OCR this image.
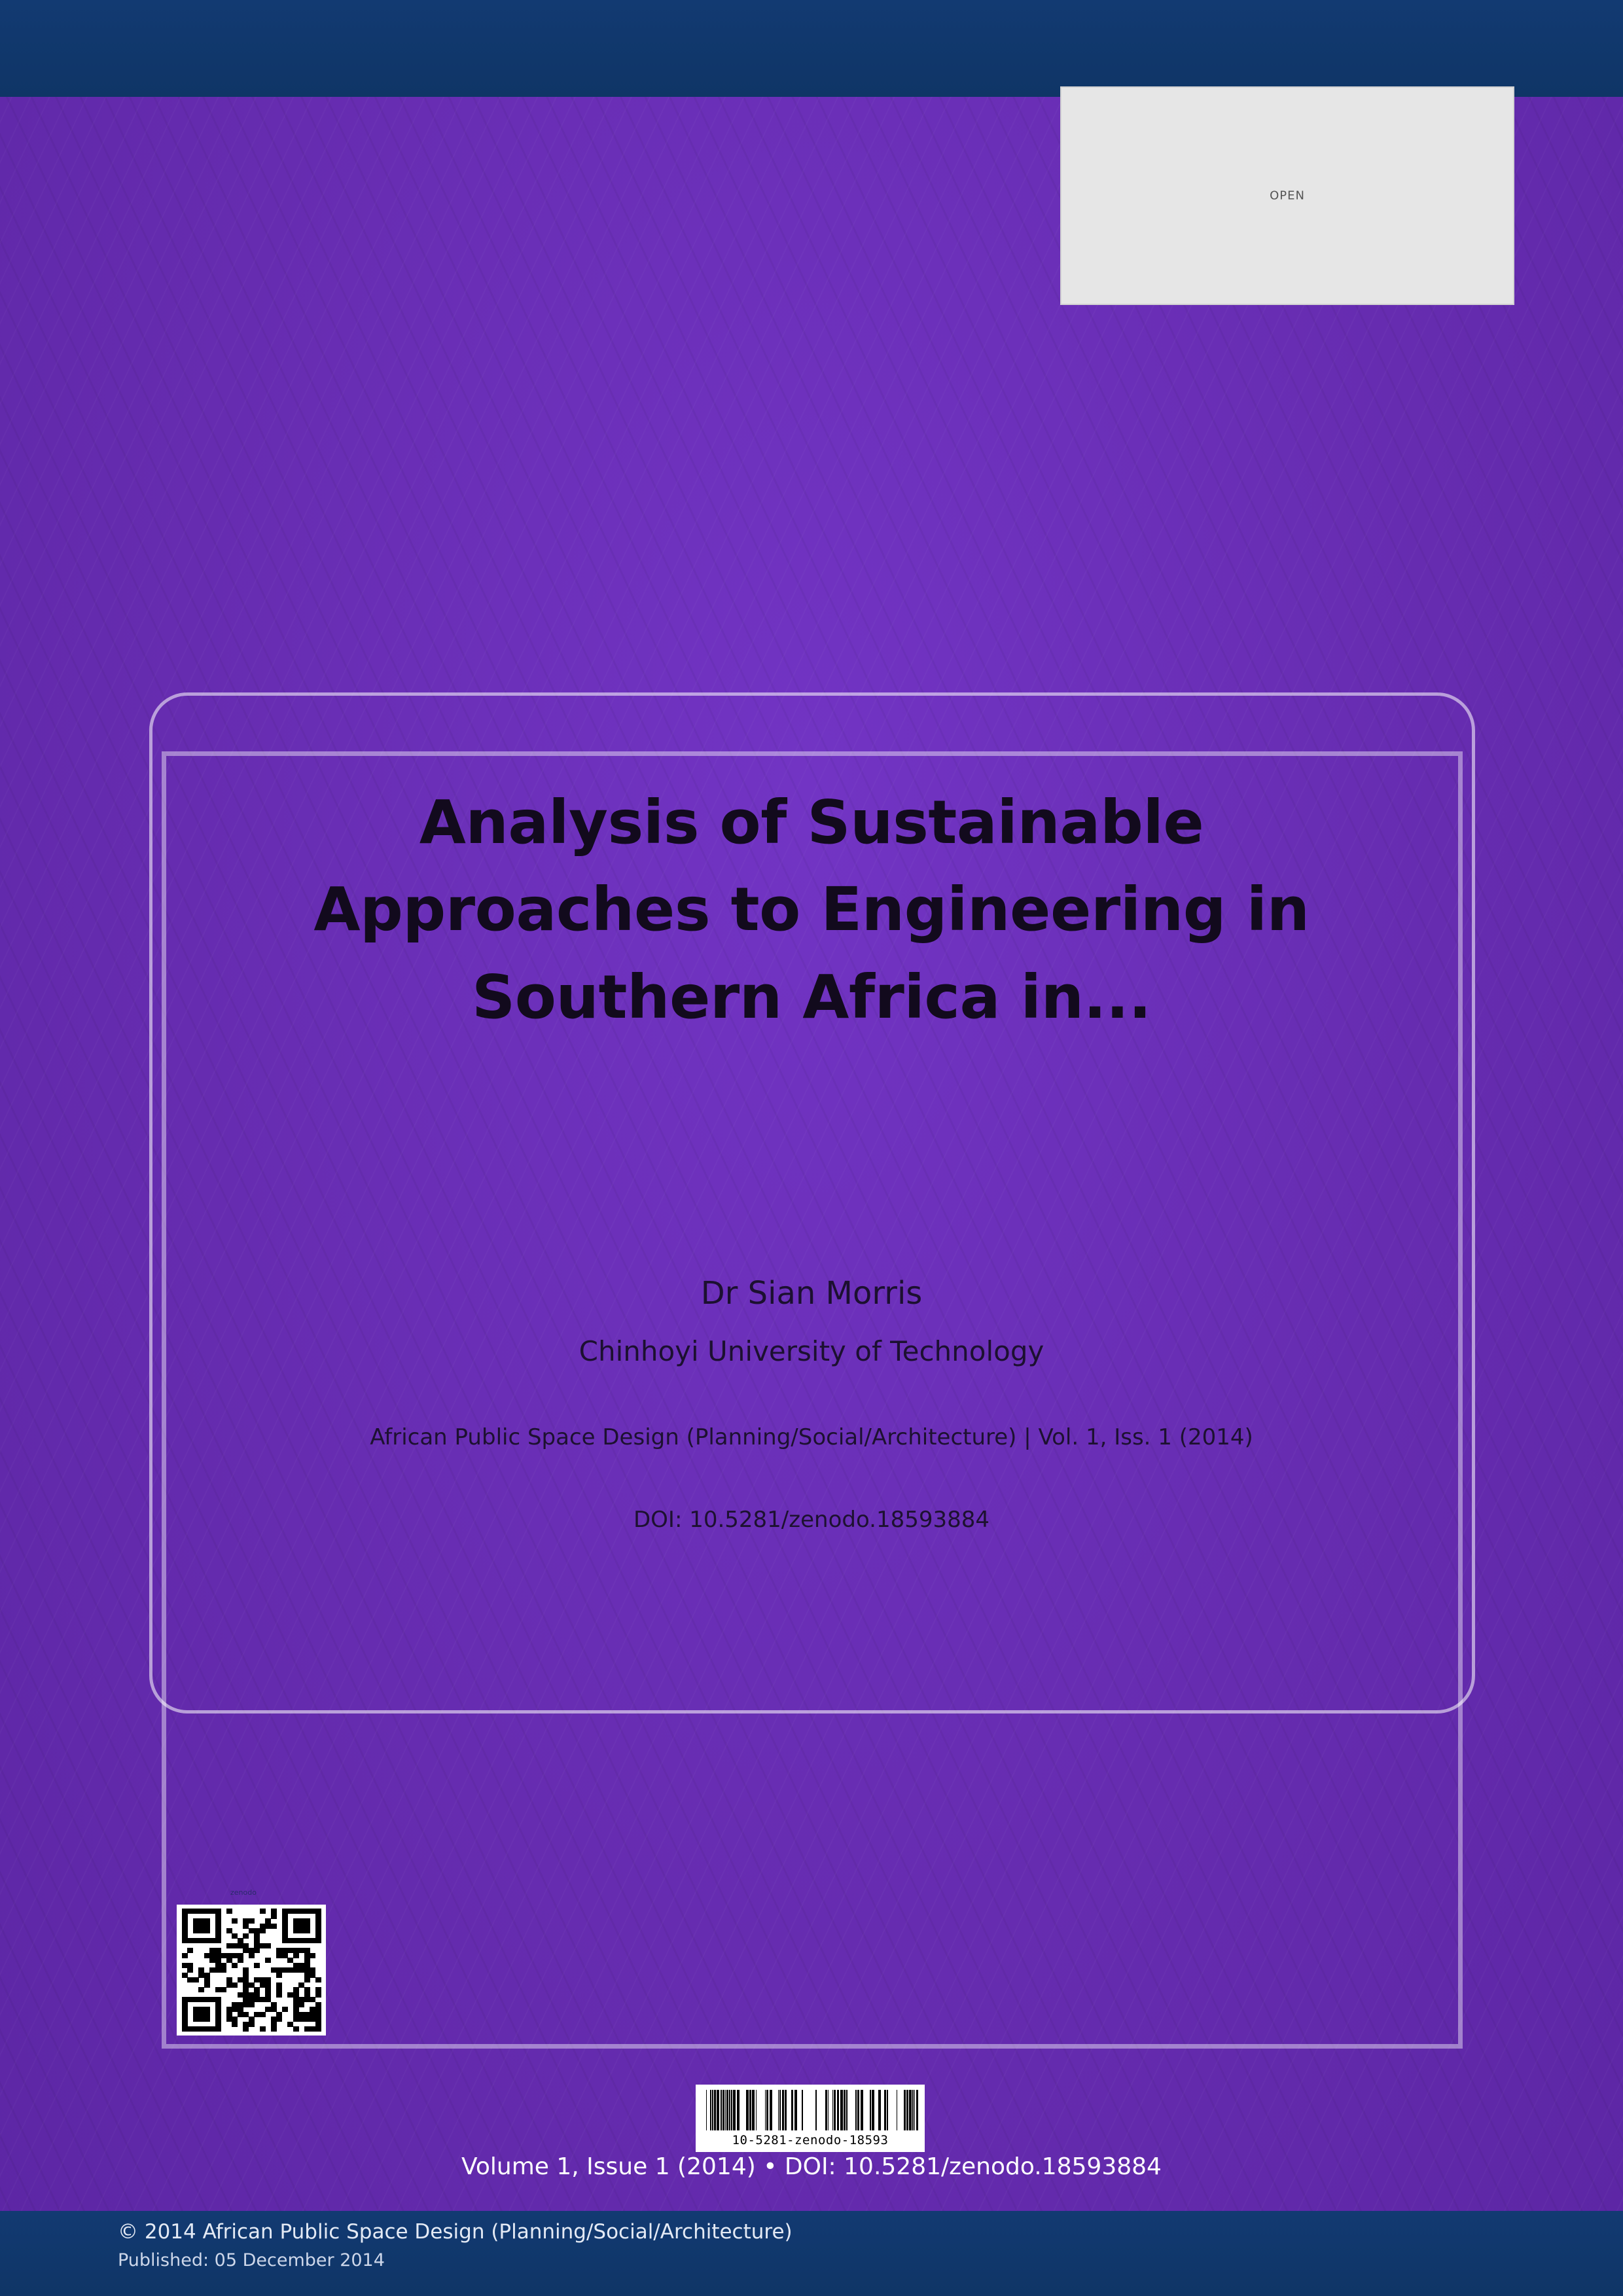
OPEN
Analysis of Sustainable Approaches to Engineering in Southern Africa in...
Dr Sian Morris
Chinhoyi University of Technology
African Public Space Design (Planning/Social/Architecture) | Vol. 1, Iss. 1 (2014)
DOI: 10.5281/zenodo.18593884
zenodo
10-5281-zenodo-18593
Volume 1, Issue 1 (2014) • DOI: 10.5281/zenodo.18593884
© 2014 African Public Space Design (Planning/Social/Architecture)
Published: 05 December 2014
